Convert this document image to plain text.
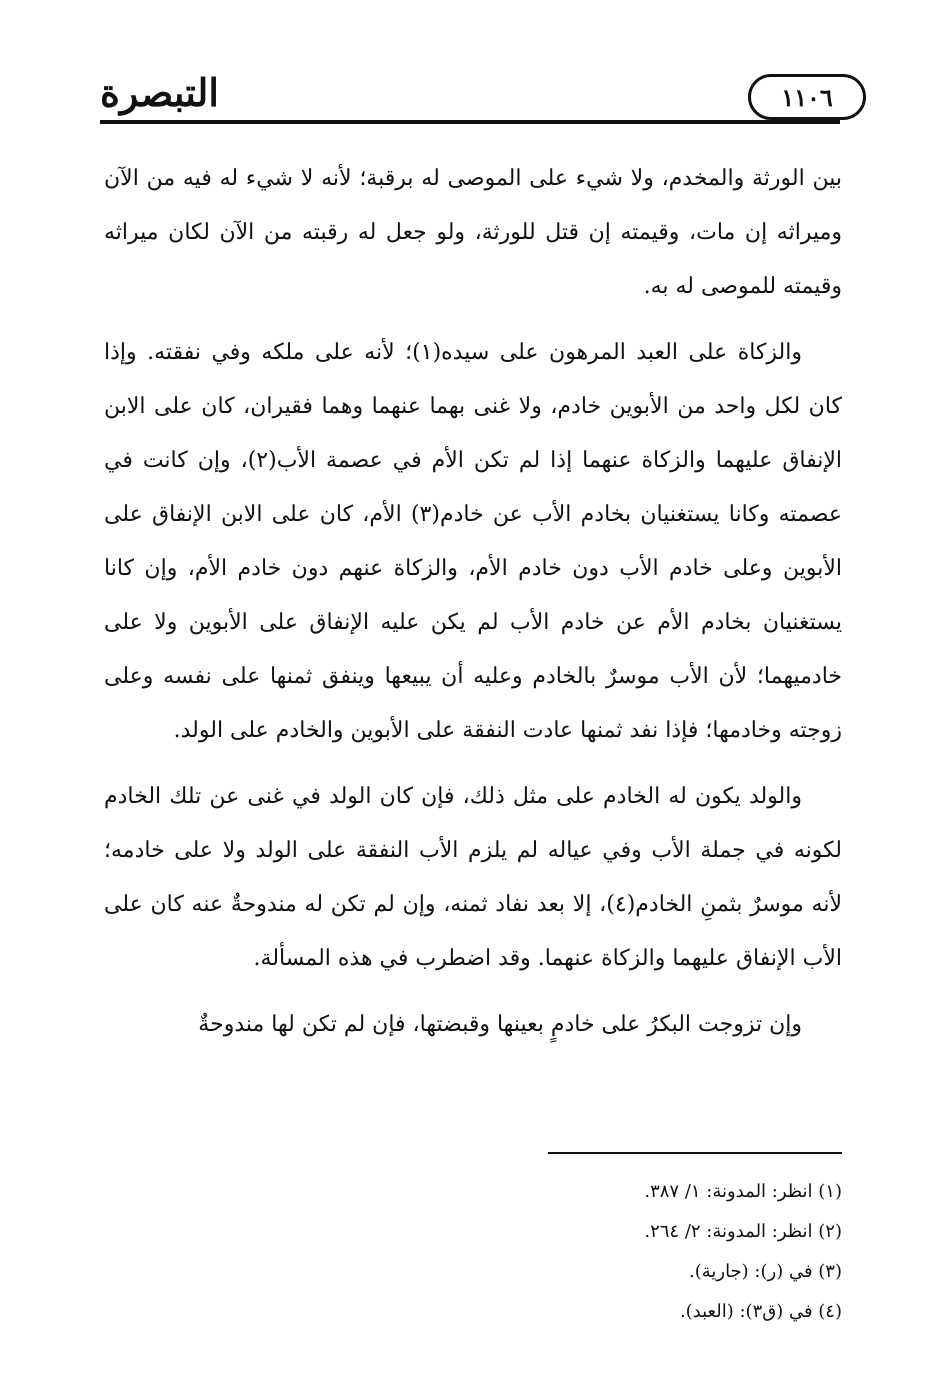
التبصرة	١١٠٦

بين الورثة والمخدم، ولا شيء على الموصى له برقبة؛ لأنه لا شيء له فيه من الآن وميراثه إن مات، وقيمته إن قتل للورثة، ولو جعل له رقبته من الآن لكان ميراثه وقيمته للموصى له به.

والزكاة على العبد المرهون على سيده(١)؛ لأنه على ملكه وفي نفقته. وإذا كان لكل واحد من الأبوين خادم، ولا غنى بهما عنهما وهما فقيران، كان على الابن الإنفاق عليهما والزكاة عنهما إذا لم تكن الأم في عصمة الأب(٢)، وإن كانت في عصمته وكانا يستغنيان بخادم الأب عن خادم(٣) الأم، كان على الابن الإنفاق على الأبوين وعلى خادم الأب دون خادم الأم، والزكاة عنهم دون خادم الأم، وإن كانا يستغنيان بخادم الأم عن خادم الأب لم يكن عليه الإنفاق على الأبوين ولا على خادميهما؛ لأن الأب موسرٌ بالخادم وعليه أن يبيعها وينفق ثمنها على نفسه وعلى زوجته وخادمها؛ فإذا نفد ثمنها عادت النفقة على الأبوين والخادم على الولد.

والولد يكون له الخادم على مثل ذلك، فإن كان الولد في غنى عن تلك الخادم لكونه في جملة الأب وفي عياله لم يلزم الأب النفقة على الولد ولا على خادمه؛ لأنه موسرٌ بثمنِ الخادم(٤)، إلا بعد نفاد ثمنه، وإن لم تكن له مندوحةٌ عنه كان على الأب الإنفاق عليهما والزكاة عنهما. وقد اضطرب في هذه المسألة.

وإن تزوجت البكرُ على خادمٍ بعينها وقبضتها، فإن لم تكن لها مندوحةٌ

(١) انظر: المدونة: ١/ ٣٨٧.
(٢) انظر: المدونة: ٢/ ٢٦٤.
(٣) في (ر): (جارية).
(٤) في (ق٣): (العبد).
